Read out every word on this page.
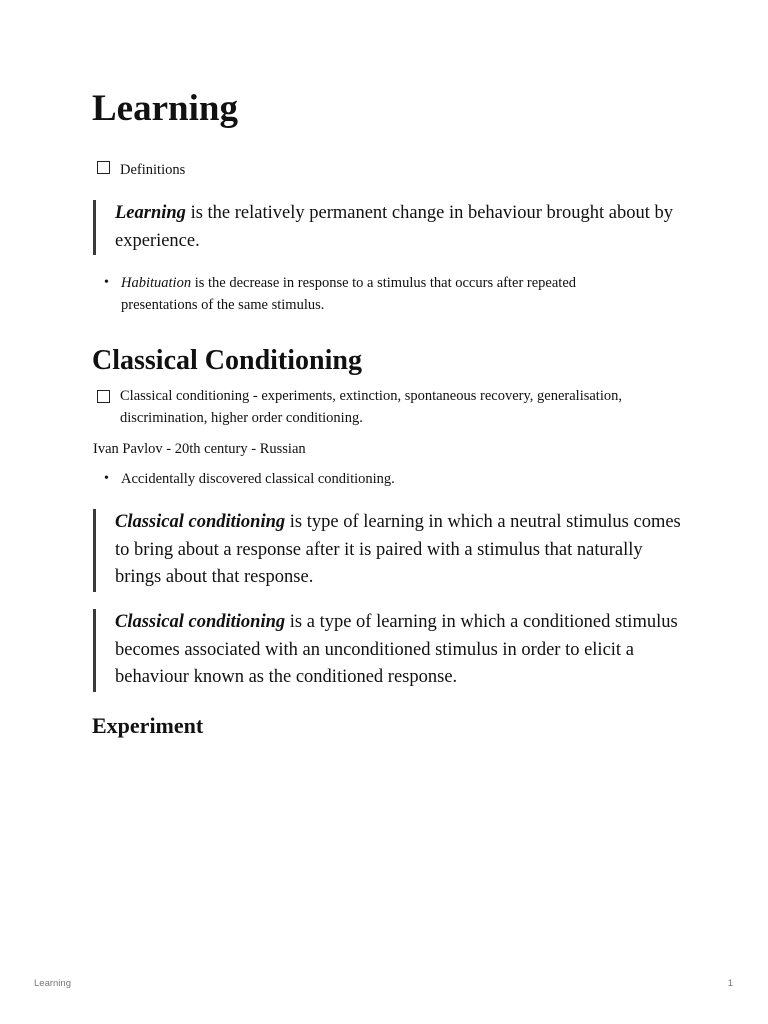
Learning
Definitions
Learning is the relatively permanent change in behaviour brought about by experience.
• Habituation is the decrease in response to a stimulus that occurs after repeated presentations of the same stimulus.
Classical Conditioning
Classical conditioning - experiments, extinction, spontaneous recovery, generalisation, discrimination, higher order conditioning.
Ivan Pavlov - 20th century - Russian
• Accidentally discovered classical conditioning.
Classical conditioning is type of learning in which a neutral stimulus comes to bring about a response after it is paired with a stimulus that naturally brings about that response.
Classical conditioning is a type of learning in which a conditioned stimulus becomes associated with an unconditioned stimulus in order to elicit a behaviour known as the conditioned response.
Experiment
Learning	1
